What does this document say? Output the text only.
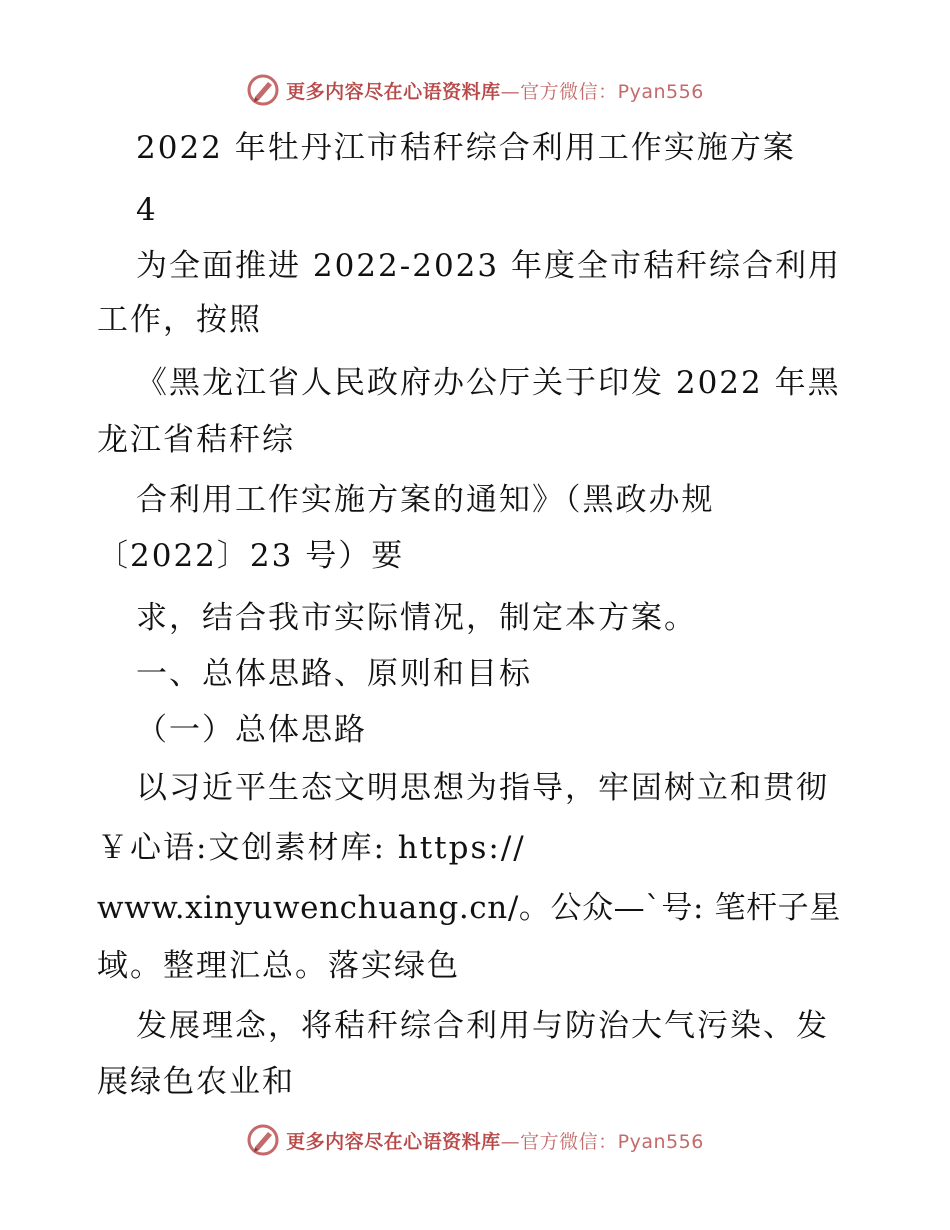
更多内容尽在心语资料库—官方微信：Pyan556
2022 年牡丹江市秸秆综合利用工作实施方案
4
为全面推进 2022-2023 年度全市秸秆综合利用
工作，按照
《黑龙江省人民政府办公厅关于印发 2022 年黑
龙江省秸秆综
合利用工作实施方案的通知》（黑政办规
〔2022〕23 号）要
求，结合我市实际情况，制定本方案。
一、总体思路、原则和目标
（一）总体思路
以习近平生态文明思想为指导，牢固树立和贯彻
￥心语:文创素材库: https://
www.xinyuwenchuang.cn/。公众—`号: 笔杆子星
域。整理汇总。落实绿色
发展理念，将秸秆综合利用与防治大气污染、发
展绿色农业和
更多内容尽在心语资料库—官方微信：Pyan556
